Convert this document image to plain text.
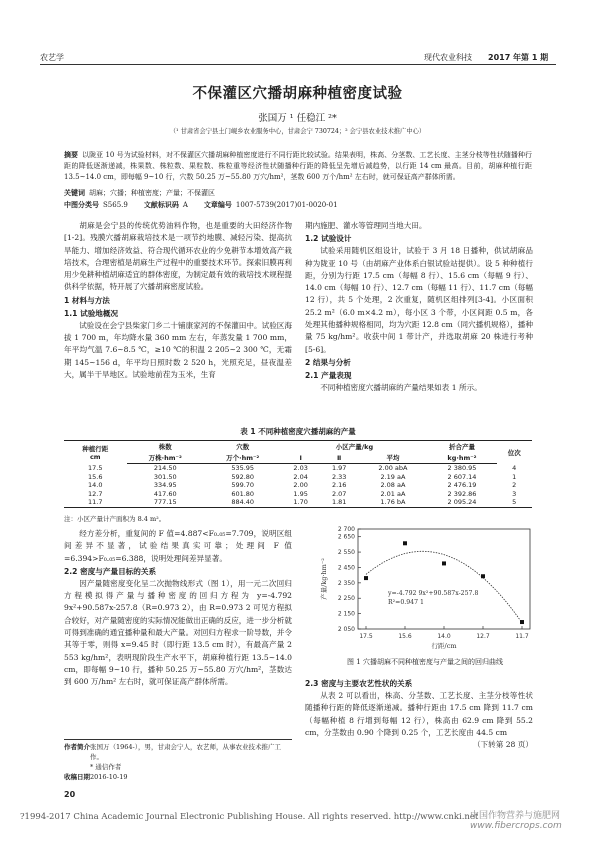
农艺学	现代农业科技 2017 年第 1 期
不保灌区穴播胡麻种植密度试验
张国万 ¹ 任稳江 ²*
（¹ 甘肃省会宁县土门岘乡农业服务中心，甘肃会宁 730724；² 会宁县农业技术推广中心）
摘要 以陇亚 10 号为试验材料，对不保灌区穴播胡麻种植密度进行不同行距比较试验。结果表明，株高、分茎数、工艺长度、主茎分枝等性状随播种行距的降低逐渐递减，株果数、株粒数、果粒数、株粒重等经济性状随播种行距的降低呈先增后减趋势，以行距 14 cm 最高。目前，胡麻种植行距 13.5~14.0 cm，即每幅 9~10 行，穴数 50.25 万~55.80 万穴/hm²，茎数 600 万个/hm² 左右时，就可保证高产群体所需。
关键词 胡麻；穴播；种植密度；产量；不保灌区
中图分类号 S565.9 文献标识码 A 文章编号 1007-5739(2017)01-0020-01

胡麻是会宁县的传统优势油料作物，也是重要的大田经济作物[1-2]。残膜穴播胡麻栽培技术是一项节约地膜、减轻污染、提高抗旱能力、增加经济效益、符合现代循环农业的少免耕节本增效高产栽培技术，合理密植是胡麻生产过程中的重要技术环节。探索旧膜再利用少免耕种植胡麻适宜的群体密度，为制定最有效的栽培技术规程提供科学依据，特开展了穴播胡麻密度试验。

1 材料与方法
1.1 试验地概况

试验设在会宁县柴家门乡二十铺康家河的不保灌田中。试验区海拔 1 700 m，年均降水量 360 mm 左右，年蒸发量 1 700 mm，年平均气温 7.6~8.5 ℃，≥10 ℃的积温 2 205~2 300 ℃，无霜期 145~156 d，年平均日照时数 2 520 h，光照充足，昼夜温差大，属半干旱地区。试验地前茬为玉米，生育

期内施肥、灌水等管理同当地大田。
1.2 试验设计

试验采用随机区组设计，试验于 3 月 18 日播种，供试胡麻品种为陇亚 10 号（由胡麻产业体系白银试验站提供）。设 5 种种植行距，分别为行距 17.5 cm（每幅 8 行）、15.6 cm（每幅 9 行）、14.0 cm（每幅 10 行）、12.7 cm（每幅 11 行）、11.7 cm（每幅 12 行），共 5 个处理，2 次重复，随机区组排列[3-4]。小区面积 25.2 m²（6.0 m×4.2 m），每小区 3 个带，小区间距 0.5 m，各处理其他播种规格相同，均为穴距 12.8 cm（同穴播机规格），播种量 75 kg/hm²。收获中间 1 带计产，并选取胡麻 20 株进行考种[5-6]。

2 结果与分析
2.1 产量表现

不同种植密度穴播胡麻的产量结果如表 1 所示。

表 1 不同种植密度穴播胡麻的产量
种植行距
cm	株数	穴数	小区产量/kg			折合产量	位次
	万株·hm⁻²	万个·hm⁻²	Ⅰ	Ⅱ	平均	kg·hm⁻²	
17.5	214.50	535.95	2.03	1.97	2.00 abA	2 380.95	4
15.6	301.50	592.80	2.04	2.33	2.19 aA	2 607.14	1
14.0	334.95	599.70	2.00	2.16	2.08 aA	2 476.19	2
12.7	417.60	601.80	1.95	2.07	2.01 aA	2 392.86	3
11.7	777.15	884.40	1.70	1.81	1.76 bA	2 095.24	5
注：小区产量计产面积为 8.4 m²。

经方差分析，重复间的 F 值=4.887<F₀.₀₅=7.709，说明区组间差异不显著，试验结果真实可靠；处理间 F 值=6.394>F₀.₀₅=6.388，说明处理间差异显著。

2.2 密度与产量目标的关系

因产量随密度变化呈二次抛物线形式（图 1），用一元二次回归方程模拟得产量与播种密度的回归方程为 y=-4.792 9x²+90.587x-257.8（R=0.973 2），由 R=0.973 2 可见方程拟合较好，对产量随密度的实际情况能做出正确的反应，进一步分析就可得到准确的通宜播种量和最大产量。对回归方程求一阶导数，并令其等于零，则得 x=9.45 时（即行距 13.5 cm 时），有最高产量 2 553 kg/hm²，表明现阶段生产水平下，胡麻种植行距 13.5~14.0 cm，即每幅 9~10 行，播种 50.25 万~55.80 万穴/hm²，茎数达到 600 万/hm² 左右时，就可保证高产群体所需。

2 050
2 150
2 250
2 350
2 450
2 550
2 650
2 700
17.5	15.6	14.0	12.7	11.7
行距/cm
产量/kg·hm⁻²	y=-4.792 9x²+90.587x-257.8
R²=0.947 1
图 1 穴播胡麻不同种植密度与产量之间的回归曲线
2.3 密度与主要农艺性状的关系

从表 2 可以看出，株高、分茎数、工艺长度、主茎分枝等性状随播种行距的降低逐渐递减。播种行距由 17.5 cm 降到 11.7 cm（每幅种植 8 行增到每幅 12 行），株高由 62.9 cm 降到 55.2 cm，分茎数由 0.90 个降到 0.25 个，工艺长度由 44.5 cm

（下转第 28 页）
作者简介 张国万（1964-），男，甘肃会宁人，农艺师，从事农业技术推广工作。
* 通信作者
收稿日期 2016-10-19
20
?1994-2017 China Academic Journal Electronic Publishing House. All rights reserved. http://www.cnki.net
中国作物营养与施肥网
www.fibercrops.com
